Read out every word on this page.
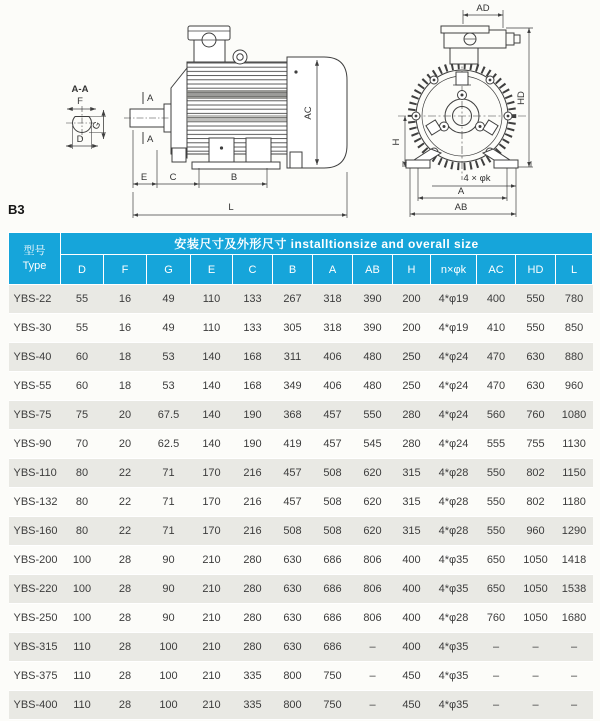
A-A
F
G
D
A
A
AC
E C	B
L
AD
HD
H
4 × φk
A
AB
B3
型号
Type	安装尺寸及外形尺寸 installtionsize and overall size												
	D	F	G	E	C	B	A	AB	H	n×φk	AC	HD	L
YBS-22	55	16	49	110	133	267	318	390	200	4*φ19	400	550	780
YBS-30	55	16	49	110	133	305	318	390	200	4*φ19	410	550	850
YBS-40	60	18	53	140	168	311	406	480	250	4*φ24	470	630	880
YBS-55	60	18	53	140	168	349	406	480	250	4*φ24	470	630	960
YBS-75	75	20	67.5	140	190	368	457	550	280	4*φ24	560	760	1080
YBS-90	70	20	62.5	140	190	419	457	545	280	4*φ24	555	755	1130
YBS-110	80	22	71	170	216	457	508	620	315	4*φ28	550	802	1150
YBS-132	80	22	71	170	216	457	508	620	315	4*φ28	550	802	1180
YBS-160	80	22	71	170	216	508	508	620	315	4*φ28	550	960	1290
YBS-200	100	28	90	210	280	630	686	806	400	4*φ35	650	1050	1418
YBS-220	100	28	90	210	280	630	686	806	400	4*φ35	650	1050	1538
YBS-250	100	28	90	210	280	630	686	806	400	4*φ28	760	1050	1680
YBS-315	110	28	100	210	280	630	686	–	400	4*φ35	–	–	–
YBS-375	110	28	100	210	335	800	750	–	450	4*φ35	–	–	–
YBS-400	110	28	100	210	335	800	750	–	450	4*φ35	–	–	–
